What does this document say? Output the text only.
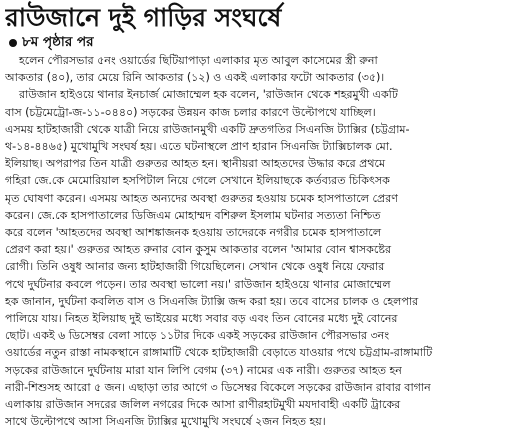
রাউজানে দুই গাড়ির সংঘর্ষে
৮ম পৃষ্ঠার পর
হলেন পৌরসভার ৫নং ওয়ার্ডের ছিটিয়াপাড়া এলাকার মৃত আবুল কাসেমের স্ত্রী রুনা
আকতার (৪০), তার মেয়ে রিনি আকতার (১২) ও একই এলাকার ফটো আকতার (৩৫)।
রাউজান হাইওয়ে থানার ইনচার্জ মোজাম্মেল হক বলেন, 'রাউজান থেকে শহরমুখী একটি
বাস (চট্টমেট্রো-জ-১১-০৪৪০) সড়কের উন্নয়ন কাজ চলার কারণে উল্টোপথে যাচ্ছিল।
এসময় হাটহাজারী থেকে যাত্রী নিয়ে রাউজানমুখী একটি দ্রুতগতির সিএনজি ট্যাক্সির (চট্টগ্রাম-
থ-১৪-৪৪৬৫) মুখোমুখি সংঘর্ষ হয়। এতে ঘটনাস্থলে প্রাণ হারান সিএনজি ট্যাক্সিচালক মো.
ইলিয়াছ। অপরাপর তিন যাত্রী গুরুতর আহত হন। স্থানীয়রা আহতদের উদ্ধার করে প্রথমে
গহিরা জে.কে মেমোরিয়াল হসপিটাল নিয়ে গেলে সেখানে ইলিয়াছকে কর্তব্যরত চিকিৎসক
মৃত ঘোষণা করেন। এসময় আহত অন্যদের অবস্থা গুরুতর হওয়ায় চমেক হাসপাতালে প্রেরণ
করেন। জে.কে হাসপাতালের ডিজিএম মোহাম্মদ বশিরুল ইসলাম ঘটনার সত্যতা নিশ্চিত
করে বলেন 'আহতদের অবস্থা আশঙ্কাজনক হওয়ায় তাদেরকে নগরীর চমেক হাসপাতালে
প্রেরণ করা হয়।' গুরুতর আহত রুনার বোন কুসুম আকতার বলেন 'আমার বোন শ্বাসকষ্টের
রোগী। তিনি ওষুধ আনার জন্য হাটহাজারী গিয়েছিলেন। সেখান থেকে ওষুধ নিয়ে ফেরার
পথে দুর্ঘটনার কবলে পড়েন। তার অবস্থা ভালো নয়।' রাউজান হাইওয়ে থানার মোজাম্মেল
হক জানান, দুর্ঘটনা কবলিত বাস ও সিএনজি ট্যাক্সি জব্দ করা হয়। তবে বাসের চালক ও হেলপার
পালিয়ে যায়। নিহত ইলিয়াছ দুই ভাইয়ের মধ্যে সবার বড় এবং তিন বোনের মধ্যে দুই বোনের
ছোট। একই ৬ ডিসেম্বর বেলা সাড়ে ১১টার দিকে একই সড়কের রাউজান পৌরসভার ৩নং
ওয়ার্ডের নতুন রাস্তা নামকস্থানে রাঙ্গামাটি থেকে হাটহাজারী বেড়াতে যাওয়ার পথে চট্টগ্রাম-রাঙ্গামাটি
সড়কের রাউজানে দুর্ঘটনায় মারা যান লিপি বেগম (৩৭) নামের এক নারী। গুরুতর আহত হন
নারী-শিশুসহ আরো ৫ জন। এছাড়া তার আগে ৩ ডিসেম্বর বিকেলে সড়কের রাউজান রাবার বাগান
এলাকায় রাউজান সদরের জলিল নগরের দিকে আসা রাণীরহাটমুখী মযদাবাহী একটি ট্রাকের
সাথে উল্টোপথে আসা সিএনজি ট্যাক্সির মুখোমুখি সংঘর্ষে ২জন নিহত হয়।
